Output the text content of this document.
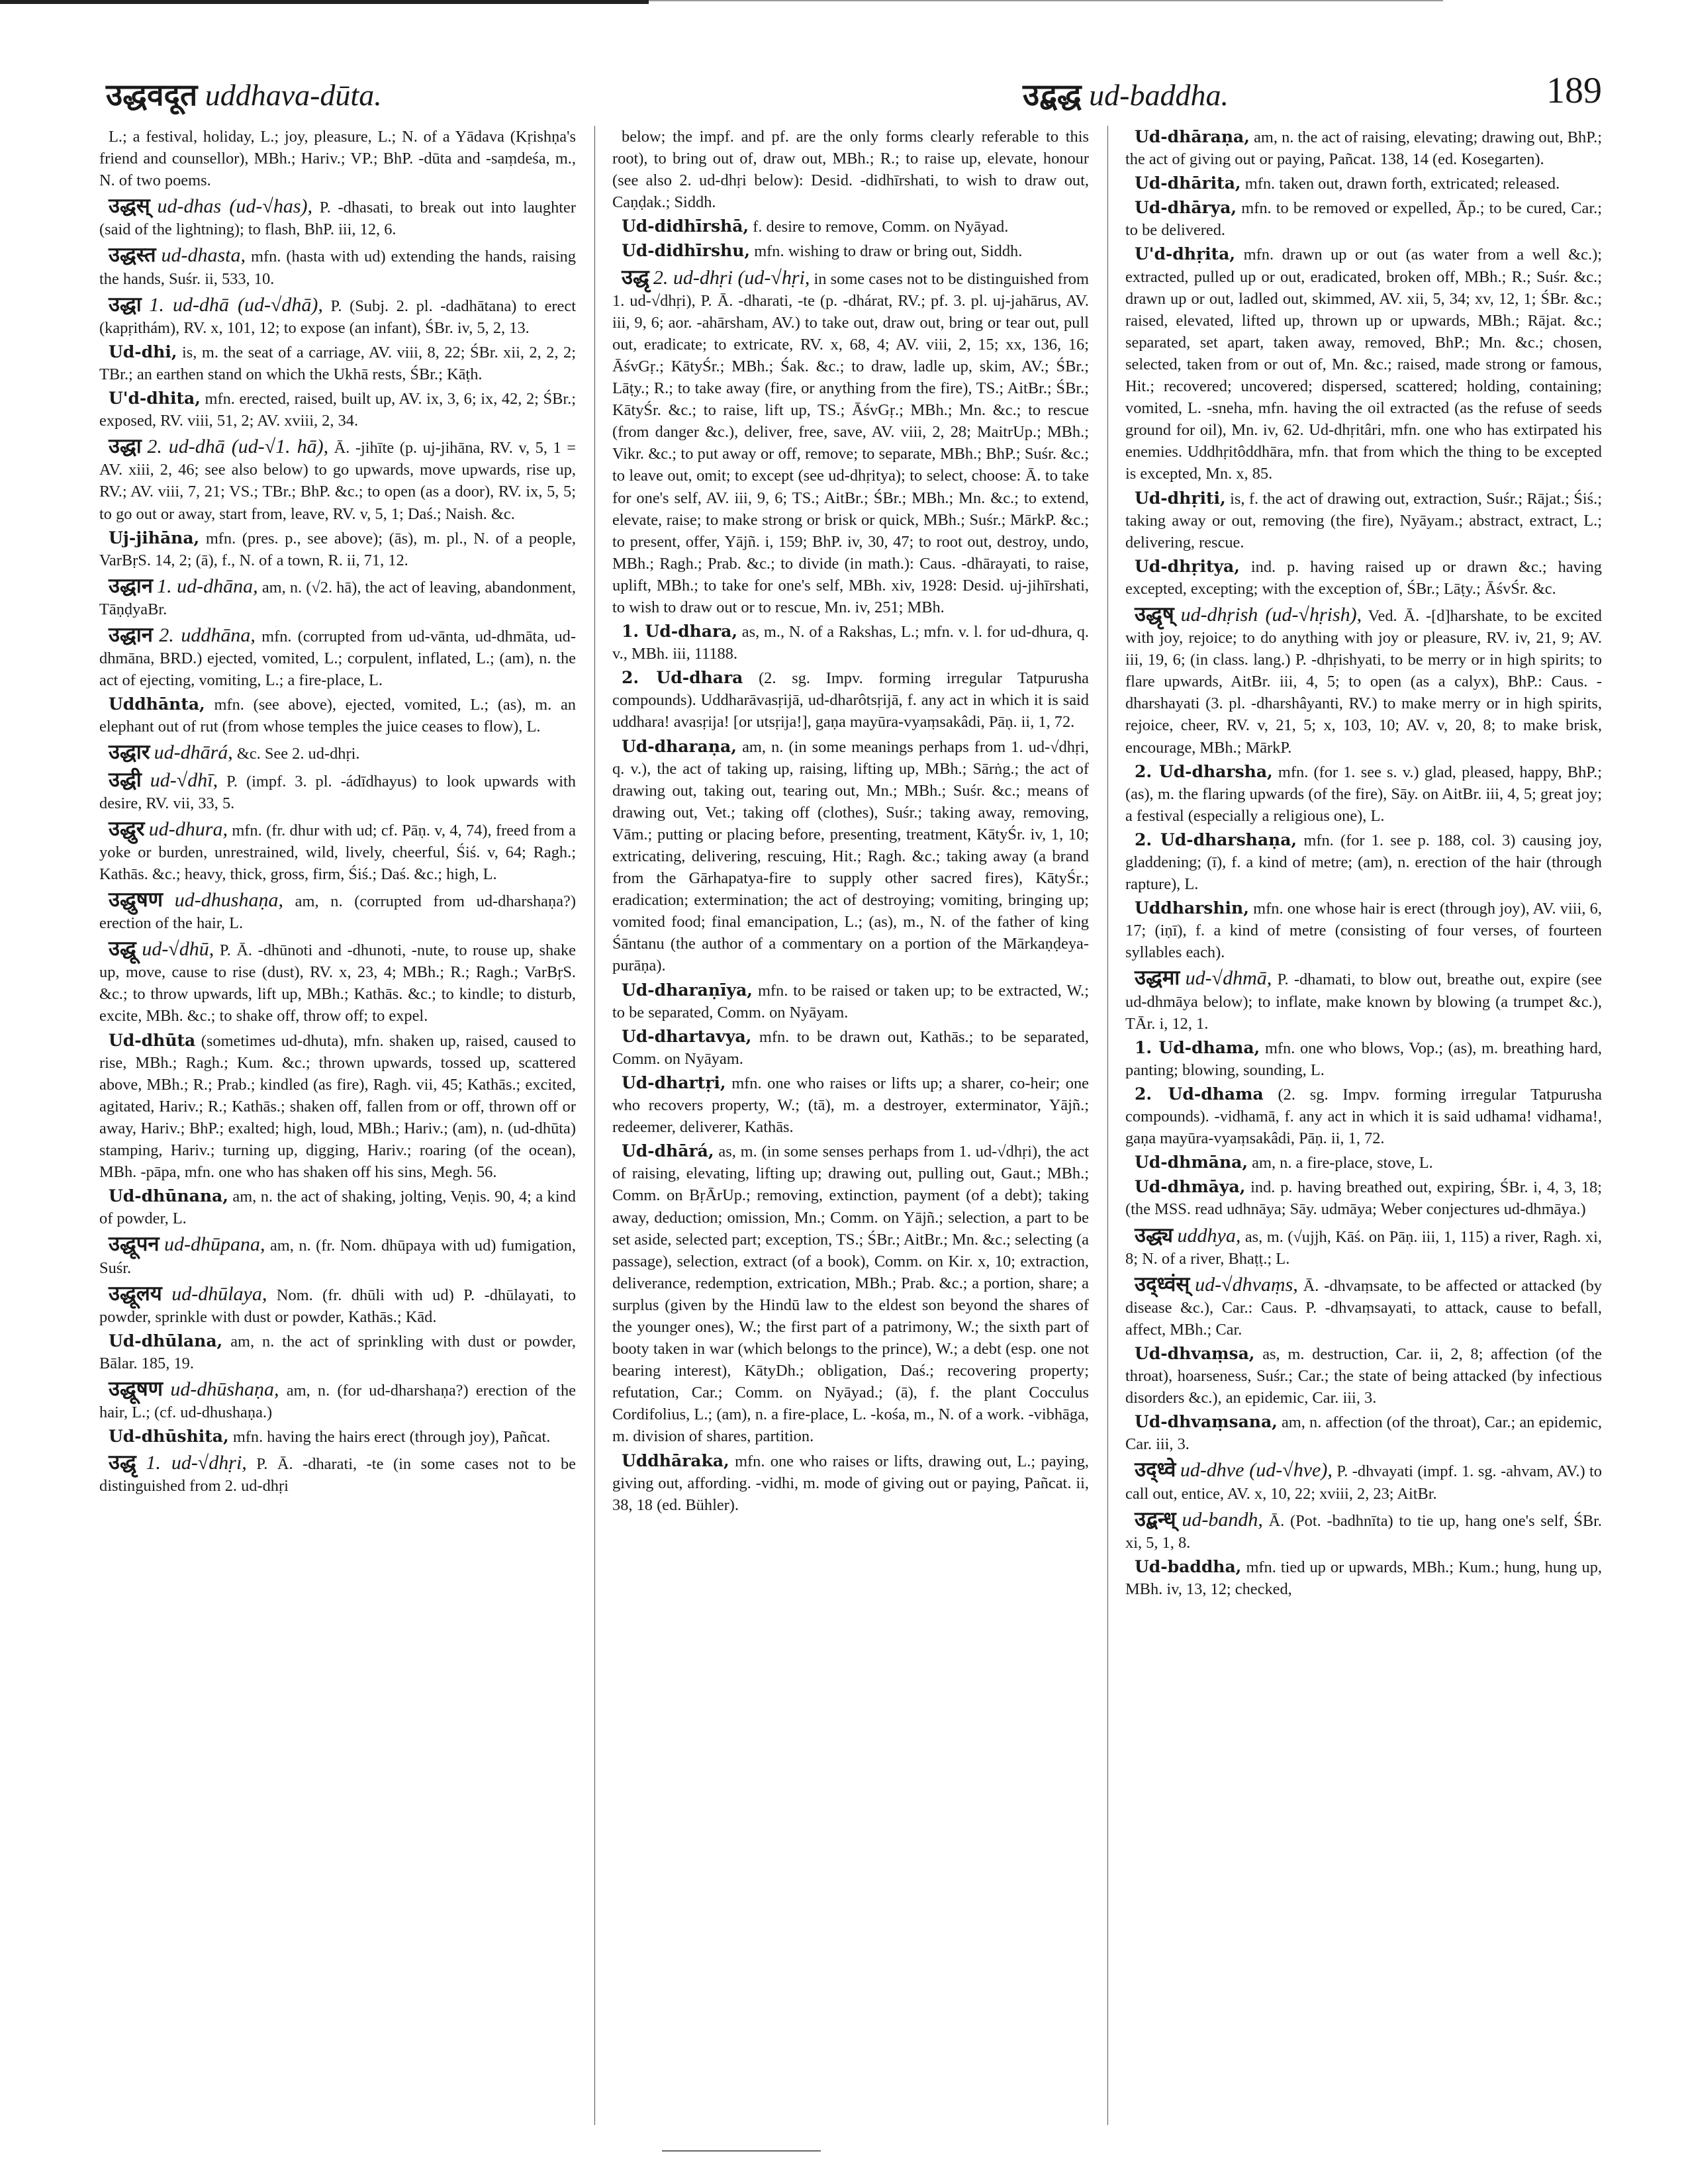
उद्धवदूत uddhava-dūta.	उद्बद्ध ud-baddha.	189

L.; a festival, holiday, L.; joy, pleasure, L.; N. of a Yādava (Kṛishṇa's friend and counsellor), MBh.; Hariv.; VP.; BhP. -dūta and -saṃdeśa, m., N. of two poems.

उद्धस् ud-dhas (ud-√has), P. -dhasati, to break out into laughter (said of the lightning); to flash, BhP. iii, 12, 6.

उद्धस्त ud-dhasta, mfn. (hasta with ud) extending the hands, raising the hands, Suśr. ii, 533, 10.

उद्धा 1. ud-dhā (ud-√dhā), P. (Subj. 2. pl. -dadhātana) to erect (kapṛithám), RV. x, 101, 12; to expose (an infant), ŚBr. iv, 5, 2, 13.

Ud-dhi, is, m. the seat of a carriage, AV. viii, 8, 22; ŚBr. xii, 2, 2, 2; TBr.; an earthen stand on which the Ukhā rests, ŚBr.; Kāṭh.

U'd-dhita, mfn. erected, raised, built up, AV. ix, 3, 6; ix, 42, 2; ŚBr.; exposed, RV. viii, 51, 2; AV. xviii, 2, 34.

उद्धा 2. ud-dhā (ud-√1. hā), Ā. -jihīte (p. uj-jihāna, RV. v, 5, 1 = AV. xiii, 2, 46; see also below) to go upwards, move upwards, rise up, RV.; AV. viii, 7, 21; VS.; TBr.; BhP. &c.; to open (as a door), RV. ix, 5, 5; to go out or away, start from, leave, RV. v, 5, 1; Daś.; Naish. &c.

Uj-jihāna, mfn. (pres. p., see above); (ās), m. pl., N. of a people, VarBṛS. 14, 2; (ā), f., N. of a town, R. ii, 71, 12.

उद्धान 1. ud-dhāna, am, n. (√2. hā), the act of leaving, abandonment, TāṇḍyaBr.

उद्धान 2. uddhāna, mfn. (corrupted from ud-vānta, ud-dhmāta, ud-dhmāna, BRD.) ejected, vomited, L.; corpulent, inflated, L.; (am), n. the act of ejecting, vomiting, L.; a fire-place, L.

Uddhānta, mfn. (see above), ejected, vomited, L.; (as), m. an elephant out of rut (from whose temples the juice ceases to flow), L.

उद्धार ud-dhārá, &c. See 2. ud-dhṛi.

उद्धी ud-√dhī, P. (impf. 3. pl. -ádīdhayus) to look upwards with desire, RV. vii, 33, 5.

उद्धुर ud-dhura, mfn. (fr. dhur with ud; cf. Pāṇ. v, 4, 74), freed from a yoke or burden, unrestrained, wild, lively, cheerful, Śiś. v, 64; Ragh.; Kathās. &c.; heavy, thick, gross, firm, Śiś.; Daś. &c.; high, L.

उद्धुषण ud-dhushaṇa, am, n. (corrupted from ud-dharshaṇa?) erection of the hair, L.

उद्धू ud-√dhū, P. Ā. -dhūnoti and -dhunoti, -nute, to rouse up, shake up, move, cause to rise (dust), RV. x, 23, 4; MBh.; R.; Ragh.; VarBṛS. &c.; to throw upwards, lift up, MBh.; Kathās. &c.; to kindle; to disturb, excite, MBh. &c.; to shake off, throw off; to expel.

Ud-dhūta (sometimes ud-dhuta), mfn. shaken up, raised, caused to rise, MBh.; Ragh.; Kum. &c.; thrown upwards, tossed up, scattered above, MBh.; R.; Prab.; kindled (as fire), Ragh. vii, 45; Kathās.; excited, agitated, Hariv.; R.; Kathās.; shaken off, fallen from or off, thrown off or away, Hariv.; BhP.; exalted; high, loud, MBh.; Hariv.; (am), n. (ud-dhūta) stamping, Hariv.; turning up, digging, Hariv.; roaring (of the ocean), MBh. -pāpa, mfn. one who has shaken off his sins, Megh. 56.

Ud-dhūnana, am, n. the act of shaking, jolting, Veṇis. 90, 4; a kind of powder, L.

उद्धूपन ud-dhūpana, am, n. (fr. Nom. dhūpaya with ud) fumigation, Suśr.

उद्धूलय ud-dhūlaya, Nom. (fr. dhūli with ud) P. -dhūlayati, to powder, sprinkle with dust or powder, Kathās.; Kād.

Ud-dhūlana, am, n. the act of sprinkling with dust or powder, Bālar. 185, 19.

उद्धूषण ud-dhūshaṇa, am, n. (for ud-dharshaṇa?) erection of the hair, L.; (cf. ud-dhushaṇa.)

Ud-dhūshita, mfn. having the hairs erect (through joy), Pañcat.

उद्धृ 1. ud-√dhṛi, P. Ā. -dharati, -te (in some cases not to be distinguished from 2. ud-dhṛi

below; the impf. and pf. are the only forms clearly referable to this root), to bring out of, draw out, MBh.; R.; to raise up, elevate, honour (see also 2. ud-dhṛi below): Desid. -didhīrshati, to wish to draw out, Caṇḍak.; Siddh.

Ud-didhīrshā, f. desire to remove, Comm. on Nyāyad.

Ud-didhīrshu, mfn. wishing to draw or bring out, Siddh.

उद्धृ 2. ud-dhṛi (ud-√hṛi, in some cases not to be distinguished from 1. ud-√dhṛi), P. Ā. -dharati, -te (p. -dhárat, RV.; pf. 3. pl. uj-jahārus, AV. iii, 9, 6; aor. -ahārsham, AV.) to take out, draw out, bring or tear out, pull out, eradicate; to extricate, RV. x, 68, 4; AV. viii, 2, 15; xx, 136, 16; ĀśvGṛ.; KātyŚr.; MBh.; Śak. &c.; to draw, ladle up, skim, AV.; ŚBr.; Lāṭy.; R.; to take away (fire, or anything from the fire), TS.; AitBr.; ŚBr.; KātyŚr. &c.; to raise, lift up, TS.; ĀśvGṛ.; MBh.; Mn. &c.; to rescue (from danger &c.), deliver, free, save, AV. viii, 2, 28; MaitrUp.; MBh.; Vikr. &c.; to put away or off, remove; to separate, MBh.; BhP.; Suśr. &c.; to leave out, omit; to except (see ud-dhṛitya); to select, choose: Ā. to take for one's self, AV. iii, 9, 6; TS.; AitBr.; ŚBr.; MBh.; Mn. &c.; to extend, elevate, raise; to make strong or brisk or quick, MBh.; Suśr.; MārkP. &c.; to present, offer, Yājñ. i, 159; BhP. iv, 30, 47; to root out, destroy, undo, MBh.; Ragh.; Prab. &c.; to divide (in math.): Caus. -dhārayati, to raise, uplift, MBh.; to take for one's self, MBh. xiv, 1928: Desid. uj-jihīrshati, to wish to draw out or to rescue, Mn. iv, 251; MBh.

1. Ud-dhara, as, m., N. of a Rakshas, L.; mfn. v. l. for ud-dhura, q. v., MBh. iii, 11188.

2. Ud-dhara (2. sg. Impv. forming irregular Tatpurusha compounds). Uddharāvasṛijā, ud-dharôtsṛijā, f. any act in which it is said uddhara! avasṛija! [or utsṛija!], gaṇa mayūra-vyaṃsakâdi, Pāṇ. ii, 1, 72.

Ud-dharaṇa, am, n. (in some meanings perhaps from 1. ud-√dhṛi, q. v.), the act of taking up, raising, lifting up, MBh.; Sārṅg.; the act of drawing out, taking out, tearing out, Mn.; MBh.; Suśr. &c.; means of drawing out, Vet.; taking off (clothes), Suśr.; taking away, removing, Vām.; putting or placing before, presenting, treatment, KātyŚr. iv, 1, 10; extricating, delivering, rescuing, Hit.; Ragh. &c.; taking away (a brand from the Gārhapatya-fire to supply other sacred fires), KātyŚr.; eradication; extermination; the act of destroying; vomiting, bringing up; vomited food; final emancipation, L.; (as), m., N. of the father of king Śāntanu (the author of a commentary on a portion of the Mārkaṇḍeya-purāṇa).

Ud-dharaṇīya, mfn. to be raised or taken up; to be extracted, W.; to be separated, Comm. on Nyāyam.

Ud-dhartavya, mfn. to be drawn out, Kathās.; to be separated, Comm. on Nyāyam.

Ud-dhartṛi, mfn. one who raises or lifts up; a sharer, co-heir; one who recovers property, W.; (tā), m. a destroyer, exterminator, Yājñ.; redeemer, deliverer, Kathās.

Ud-dhārá, as, m. (in some senses perhaps from 1. ud-√dhṛi), the act of raising, elevating, lifting up; drawing out, pulling out, Gaut.; MBh.; Comm. on BṛĀrUp.; removing, extinction, payment (of a debt); taking away, deduction; omission, Mn.; Comm. on Yājñ.; selection, a part to be set aside, selected part; exception, TS.; ŚBr.; AitBr.; Mn. &c.; selecting (a passage), selection, extract (of a book), Comm. on Kir. x, 10; extraction, deliverance, redemption, extrication, MBh.; Prab. &c.; a portion, share; a surplus (given by the Hindū law to the eldest son beyond the shares of the younger ones), W.; the first part of a patrimony, W.; the sixth part of booty taken in war (which belongs to the prince), W.; a debt (esp. one not bearing interest), KātyDh.; obligation, Daś.; recovering property; refutation, Car.; Comm. on Nyāyad.; (ā), f. the plant Cocculus Cordifolius, L.; (am), n. a fire-place, L. -kośa, m., N. of a work. -vibhāga, m. division of shares, partition.

Uddhāraka, mfn. one who raises or lifts, drawing out, L.; paying, giving out, affording. -vidhi, m. mode of giving out or paying, Pañcat. ii, 38, 18 (ed. Bühler).

Ud-dhāraṇa, am, n. the act of raising, elevating; drawing out, BhP.; the act of giving out or paying, Pañcat. 138, 14 (ed. Kosegarten).

Ud-dhārita, mfn. taken out, drawn forth, extricated; released.

Ud-dhārya, mfn. to be removed or expelled, Āp.; to be cured, Car.; to be delivered.

U'd-dhṛita, mfn. drawn up or out (as water from a well &c.); extracted, pulled up or out, eradicated, broken off, MBh.; R.; Suśr. &c.; drawn up or out, ladled out, skimmed, AV. xii, 5, 34; xv, 12, 1; ŚBr. &c.; raised, elevated, lifted up, thrown up or upwards, MBh.; Rājat. &c.; separated, set apart, taken away, removed, BhP.; Mn. &c.; chosen, selected, taken from or out of, Mn. &c.; raised, made strong or famous, Hit.; recovered; uncovered; dispersed, scattered; holding, containing; vomited, L. -sneha, mfn. having the oil extracted (as the refuse of seeds ground for oil), Mn. iv, 62. Ud-dhṛitâri, mfn. one who has extirpated his enemies. Uddhṛitôddhāra, mfn. that from which the thing to be excepted is excepted, Mn. x, 85.

Ud-dhṛiti, is, f. the act of drawing out, extraction, Suśr.; Rājat.; Śiś.; taking away or out, removing (the fire), Nyāyam.; abstract, extract, L.; delivering, rescue.

Ud-dhṛitya, ind. p. having raised up or drawn &c.; having excepted, excepting; with the exception of, ŚBr.; Lāṭy.; ĀśvŚr. &c.

उद्धृष् ud-dhṛish (ud-√hṛish), Ved. Ā. -[d]harshate, to be excited with joy, rejoice; to do anything with joy or pleasure, RV. iv, 21, 9; AV. iii, 19, 6; (in class. lang.) P. -dhṛishyati, to be merry or in high spirits; to flare upwards, AitBr. iii, 4, 5; to open (as a calyx), BhP.: Caus. -dharshayati (3. pl. -dharshâyanti, RV.) to make merry or in high spirits, rejoice, cheer, RV. v, 21, 5; x, 103, 10; AV. v, 20, 8; to make brisk, encourage, MBh.; MārkP.

2. Ud-dharsha, mfn. (for 1. see s. v.) glad, pleased, happy, BhP.; (as), m. the flaring upwards (of the fire), Sāy. on AitBr. iii, 4, 5; great joy; a festival (especially a religious one), L.

2. Ud-dharshaṇa, mfn. (for 1. see p. 188, col. 3) causing joy, gladdening; (ī), f. a kind of metre; (am), n. erection of the hair (through rapture), L.

Uddharshin, mfn. one whose hair is erect (through joy), AV. viii, 6, 17; (iṇī), f. a kind of metre (consisting of four verses, of fourteen syllables each).

उद्धमा ud-√dhmā, P. -dhamati, to blow out, breathe out, expire (see ud-dhmāya below); to inflate, make known by blowing (a trumpet &c.), TĀr. i, 12, 1.

1. Ud-dhama, mfn. one who blows, Vop.; (as), m. breathing hard, panting; blowing, sounding, L.

2. Ud-dhama (2. sg. Impv. forming irregular Tatpurusha compounds). -vidhamā, f. any act in which it is said udhama! vidhama!, gaṇa mayūra-vyaṃsakâdi, Pāṇ. ii, 1, 72.

Ud-dhmāna, am, n. a fire-place, stove, L.

Ud-dhmāya, ind. p. having breathed out, expiring, ŚBr. i, 4, 3, 18; (the MSS. read udhnāya; Sāy. udmāya; Weber conjectures ud-dhmāya.)

उद्ध्य uddhya, as, m. (√ujjh, Kāś. on Pāṇ. iii, 1, 115) a river, Ragh. xi, 8; N. of a river, Bhaṭṭ.; L.

उद्ध्वंस् ud-√dhvaṃs, Ā. -dhvaṃsate, to be affected or attacked (by disease &c.), Car.: Caus. P. -dhvaṃsayati, to attack, cause to befall, affect, MBh.; Car.

Ud-dhvaṃsa, as, m. destruction, Car. ii, 2, 8; affection (of the throat), hoarseness, Suśr.; Car.; the state of being attacked (by infectious disorders &c.), an epidemic, Car. iii, 3.

Ud-dhvaṃsana, am, n. affection (of the throat), Car.; an epidemic, Car. iii, 3.

उद्ध्वे ud-dhve (ud-√hve), P. -dhvayati (impf. 1. sg. -ahvam, AV.) to call out, entice, AV. x, 10, 22; xviii, 2, 23; AitBr.

उद्बन्ध् ud-bandh, Ā. (Pot. -badhnīta) to tie up, hang one's self, ŚBr. xi, 5, 1, 8.

Ud-baddha, mfn. tied up or upwards, MBh.; Kum.; hung, hung up, MBh. iv, 13, 12; checked,
